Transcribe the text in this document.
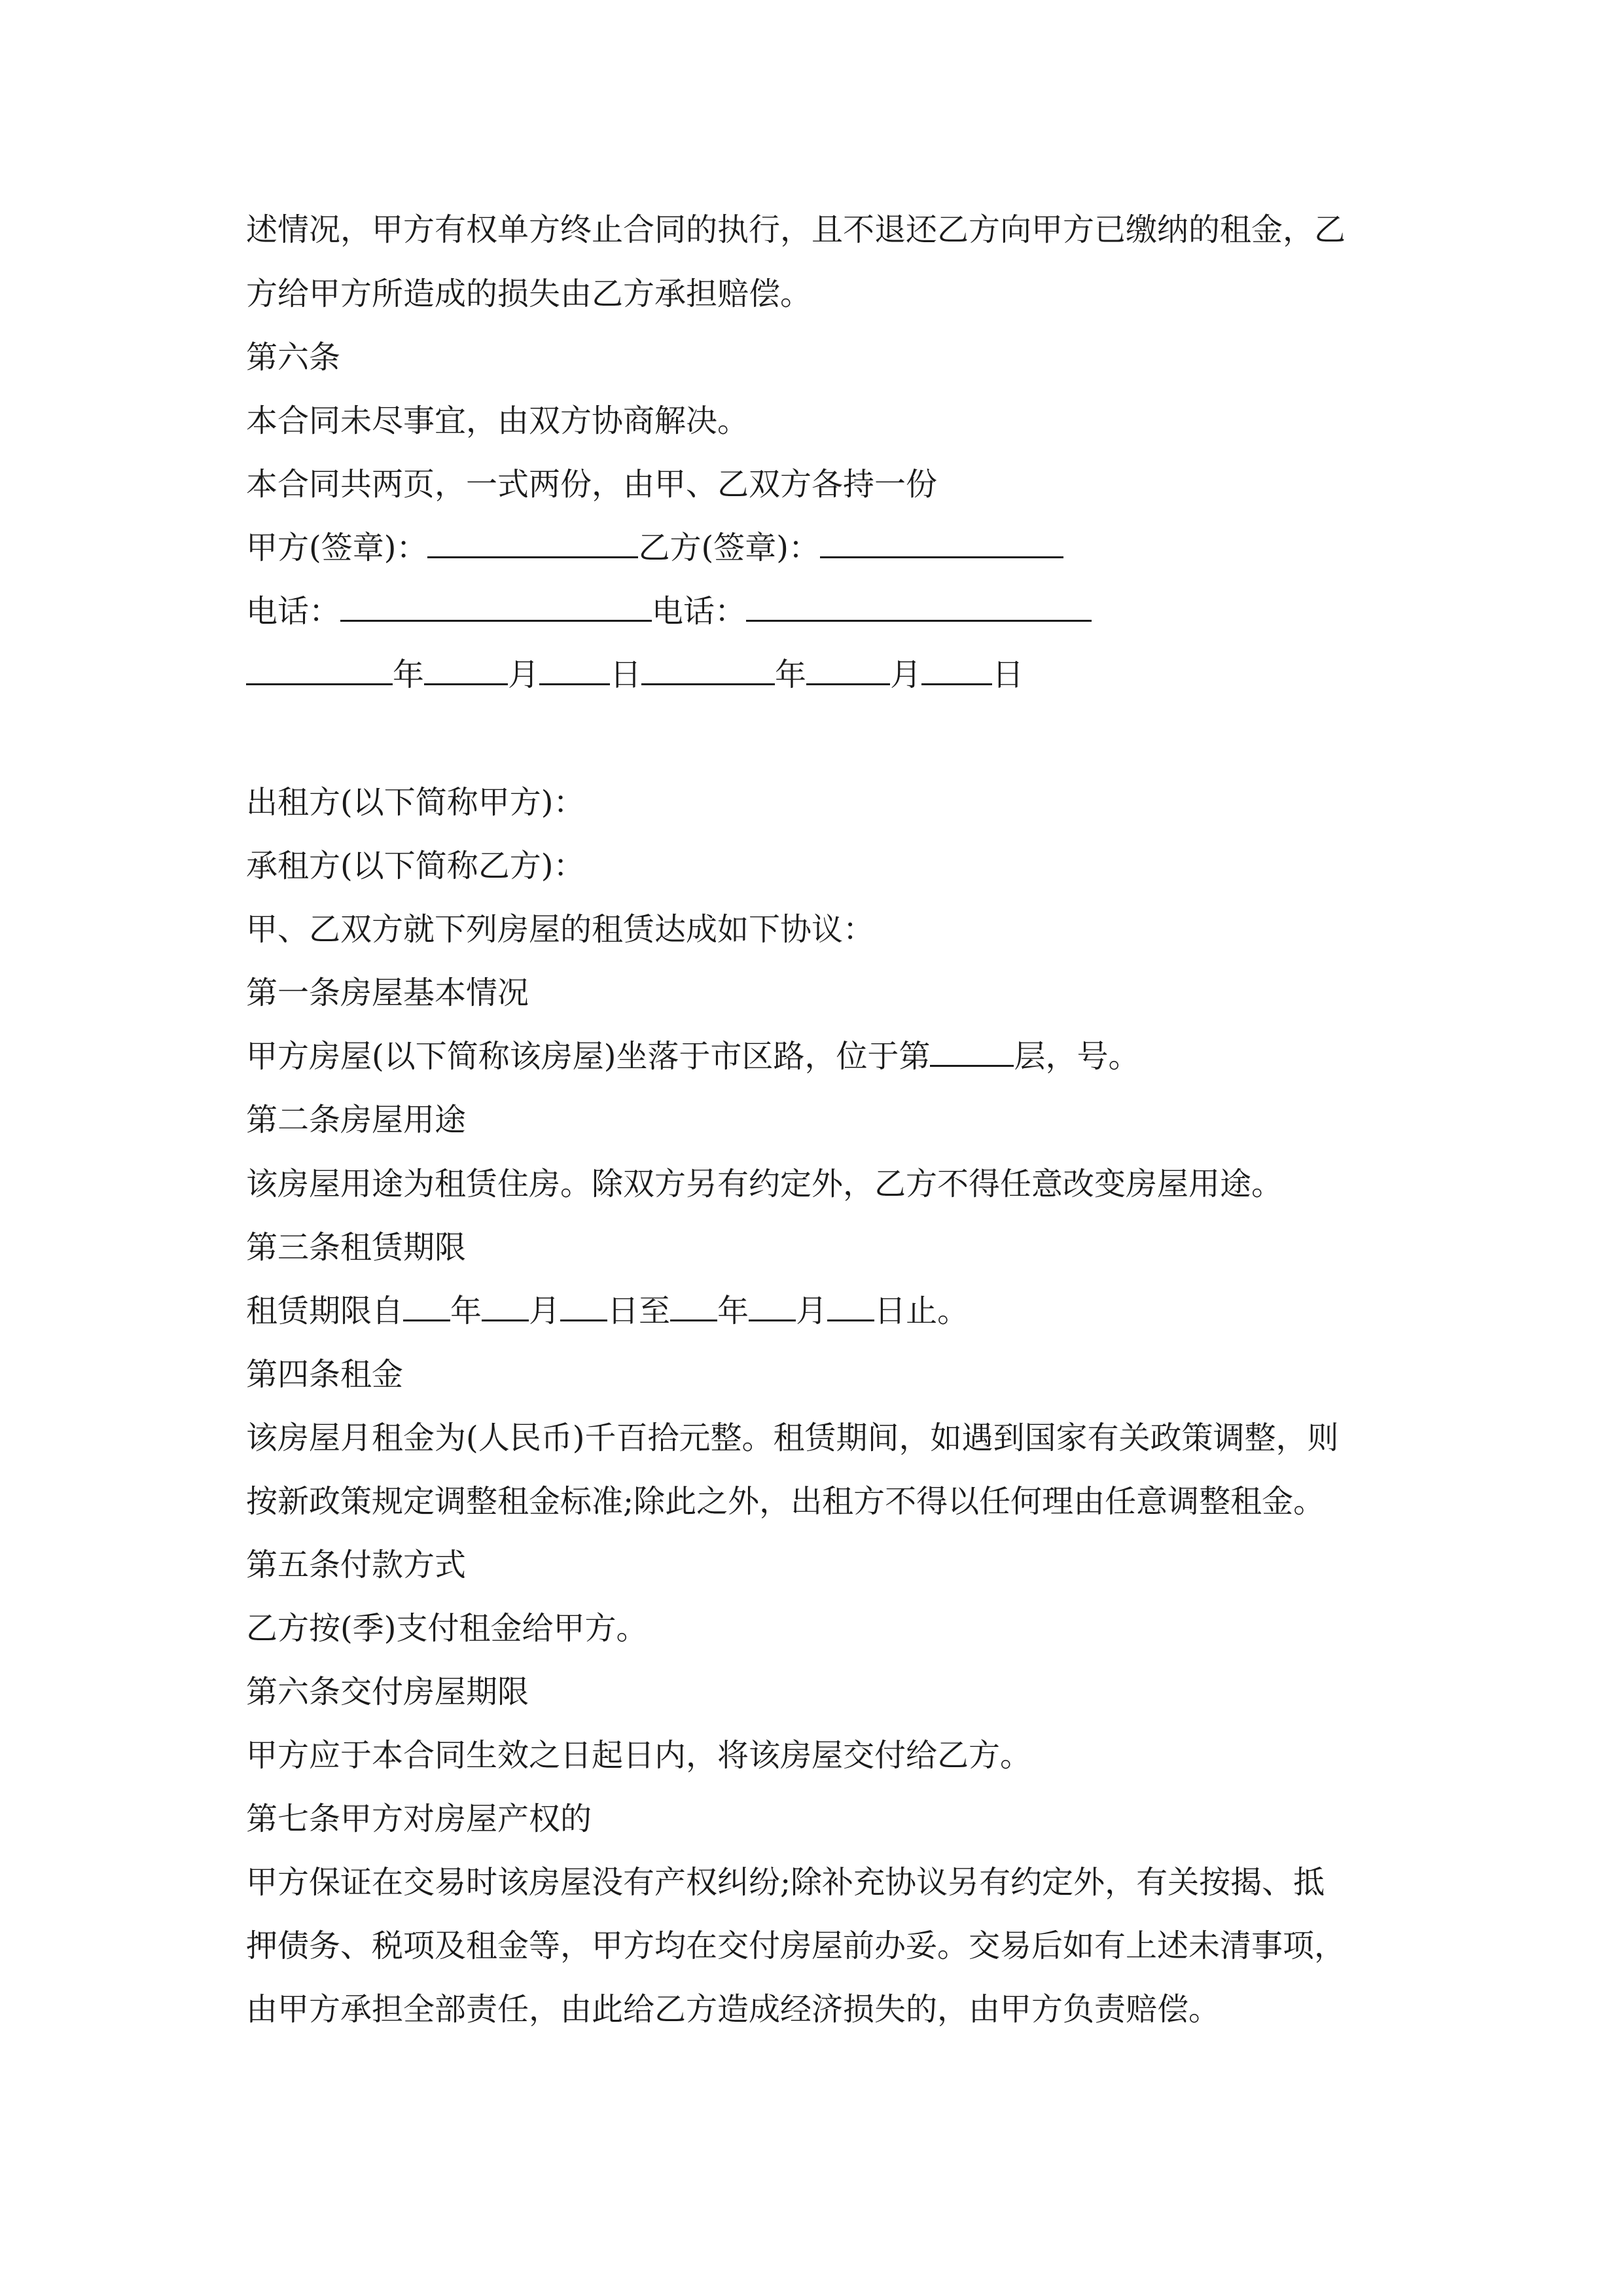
述情况，甲方有权单方终止合同的执行，且不退还乙方向甲方已缴纳的租金，乙
方给甲方所造成的损失由乙方承担赔偿。
第六条
本合同未尽事宜，由双方协商解决。
本合同共两页，一式两份，由甲、乙双方各持一份
甲方(签章)：	乙方(签章)：
电话：	电话：
年	月 日	年	月 日
出租方(以下简称甲方)：
承租方(以下简称乙方)：
甲、乙双方就下列房屋的租赁达成如下协议：
第一条房屋基本情况
甲方房屋(以下简称该房屋)坐落于市区路，位于第	层，号。
第二条房屋用途
该房屋用途为租赁住房。除双方另有约定外，乙方不得任意改变房屋用途。
第三条租赁期限
租赁期限自 年 月 日至 年 月 日止。
第四条租金
该房屋月租金为(人民币)千百拾元整。租赁期间，如遇到国家有关政策调整，则
按新政策规定调整租金标准;除此之外，出租方不得以任何理由任意调整租金。
第五条付款方式
乙方按(季)支付租金给甲方。
第六条交付房屋期限
甲方应于本合同生效之日起日内，将该房屋交付给乙方。
第七条甲方对房屋产权的
甲方保证在交易时该房屋没有产权纠纷;除补充协议另有约定外，有关按揭、抵
押债务、税项及租金等，甲方均在交付房屋前办妥。交易后如有上述未清事项，
由甲方承担全部责任，由此给乙方造成经济损失的，由甲方负责赔偿。
